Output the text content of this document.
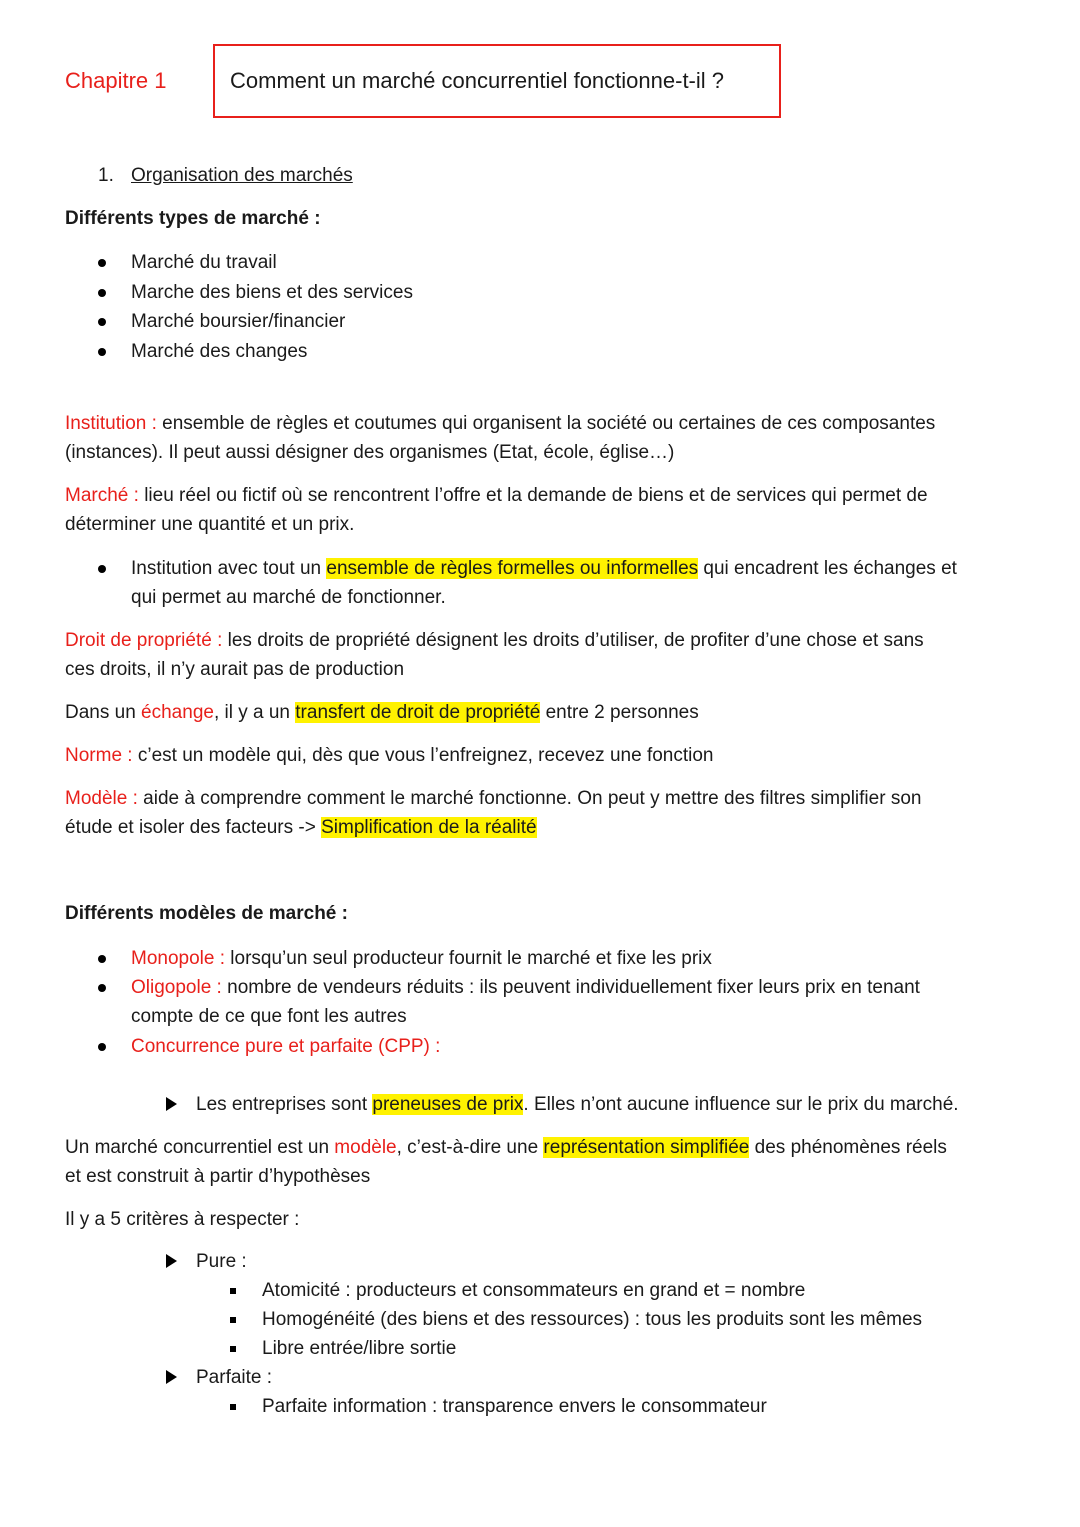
Chapitre 1	Comment un marché concurrentiel fonctionne-t-il ?
1. Organisation des marchés
Différents types de marché :
Marché du travail
Marche des biens et des services
Marché boursier/financier
Marché des changes
Institution : ensemble de règles et coutumes qui organisent la société ou certaines de ces composantes
(instances). Il peut aussi désigner des organismes (Etat, école, église…)
Marché : lieu réel ou fictif où se rencontrent l’offre et la demande de biens et de services qui permet de
déterminer une quantité et un prix.
Institution avec tout un ensemble de règles formelles ou informelles qui encadrent les échanges et
qui permet au marché de fonctionner.
Droit de propriété : les droits de propriété désignent les droits d’utiliser, de profiter d’une chose et sans
ces droits, il n’y aurait pas de production
Dans un échange, il y a un transfert de droit de propriété entre 2 personnes
Norme : c’est un modèle qui, dès que vous l’enfreignez, recevez une fonction
Modèle : aide à comprendre comment le marché fonctionne. On peut y mettre des filtres simplifier son
étude et isoler des facteurs -> Simplification de la réalité
Différents modèles de marché :
Monopole : lorsqu’un seul producteur fournit le marché et fixe les prix
Oligopole : nombre de vendeurs réduits : ils peuvent individuellement fixer leurs prix en tenant
compte de ce que font les autres
Concurrence pure et parfaite (CPP) :
Les entreprises sont preneuses de prix. Elles n’ont aucune influence sur le prix du marché.
Un marché concurrentiel est un modèle, c’est-à-dire une représentation simplifiée des phénomènes réels
et est construit à partir d’hypothèses
Il y a 5 critères à respecter :
Pure :
Atomicité : producteurs et consommateurs en grand et = nombre
Homogénéité (des biens et des ressources) : tous les produits sont les mêmes
Libre entrée/libre sortie
Parfaite :
Parfaite information : transparence envers le consommateur
